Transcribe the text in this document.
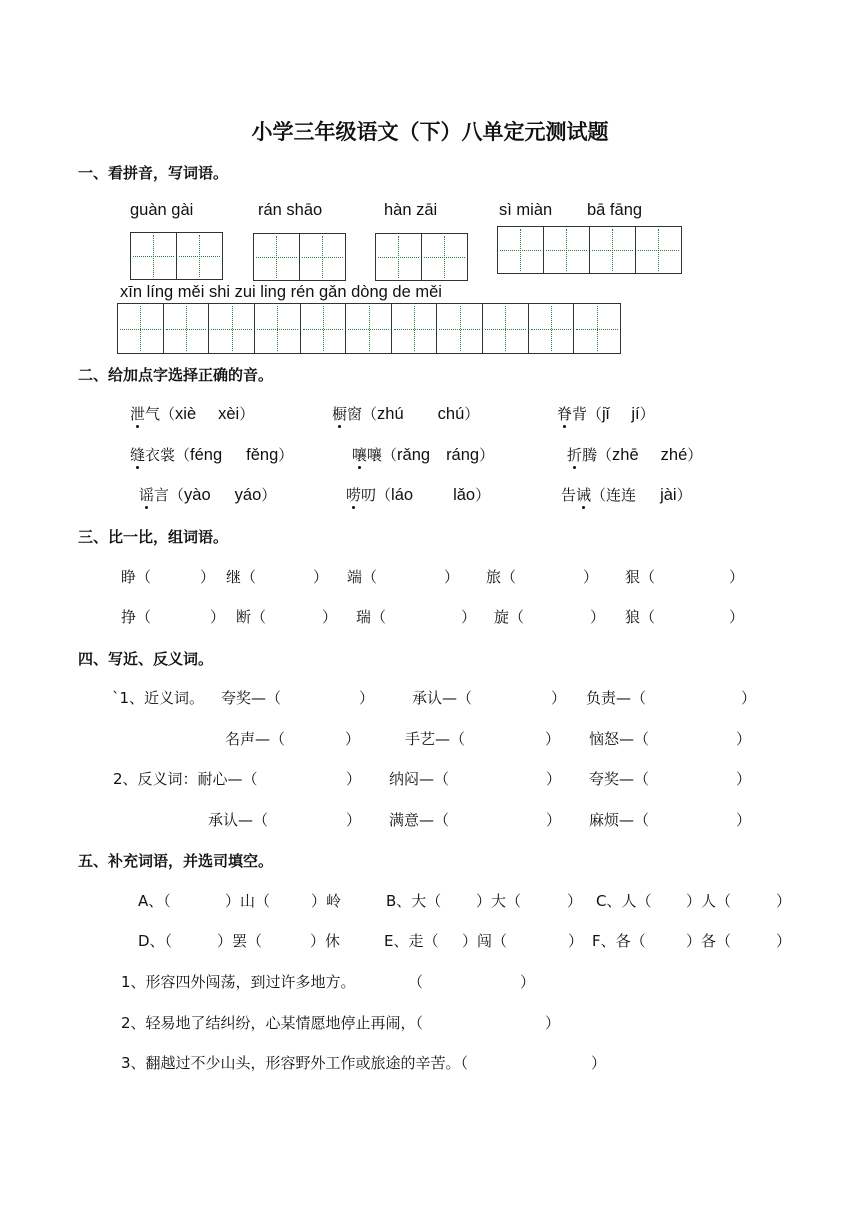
小学三年级语文（下）八单定元测试题
一、看拼音，写词语。
guàn gài	rán shāo	hàn zāi	sì miàn bā fāng
xīn líng měi shi zui ling rén gǎn dòng de měi
二、给加点字选择正确的音。
泄气（xiè xèi）	橱窗（zhú chú）	脊背（jǐ jí）
缝衣裳（féng fěng）	嚷嚷（rǎng ráng）	折腾（zhē zhé）
谣言（yào yáo）	唠叨（láo lǎo）	告诫（连连 jài）
三、比一比，组词语。
睁（	） 继（	） 端（	） 旅（	） 狠（	）
挣（	） 断（	） 瑞（	） 旋（	） 狼（	）
四、写近、反义词。
`1、近义词。 夸奖—（	）	承认—（	） 负责—（	）
名声—（	）	手艺—（	） 恼怒—（	）
2、反义词：耐心—（	） 纳闷—（	） 夸奖—（	）
承认—（	） 满意—（	） 麻烦—（	）
五、补充词语，并选司填空。
A、（	）山（	）岭	B、大（ ）大（	） C、人（ ）人（	）
D、（	）罢（	）休	E、走（ ）闯（	） F、各（	）各（	）
1、形容四外闯荡，到过许多地方。	（	）
2、轻易地了结纠纷，心某情愿地停止再闹，（	）
3、翻越过不少山头，形容野外工作或旅途的辛苦。（	）
